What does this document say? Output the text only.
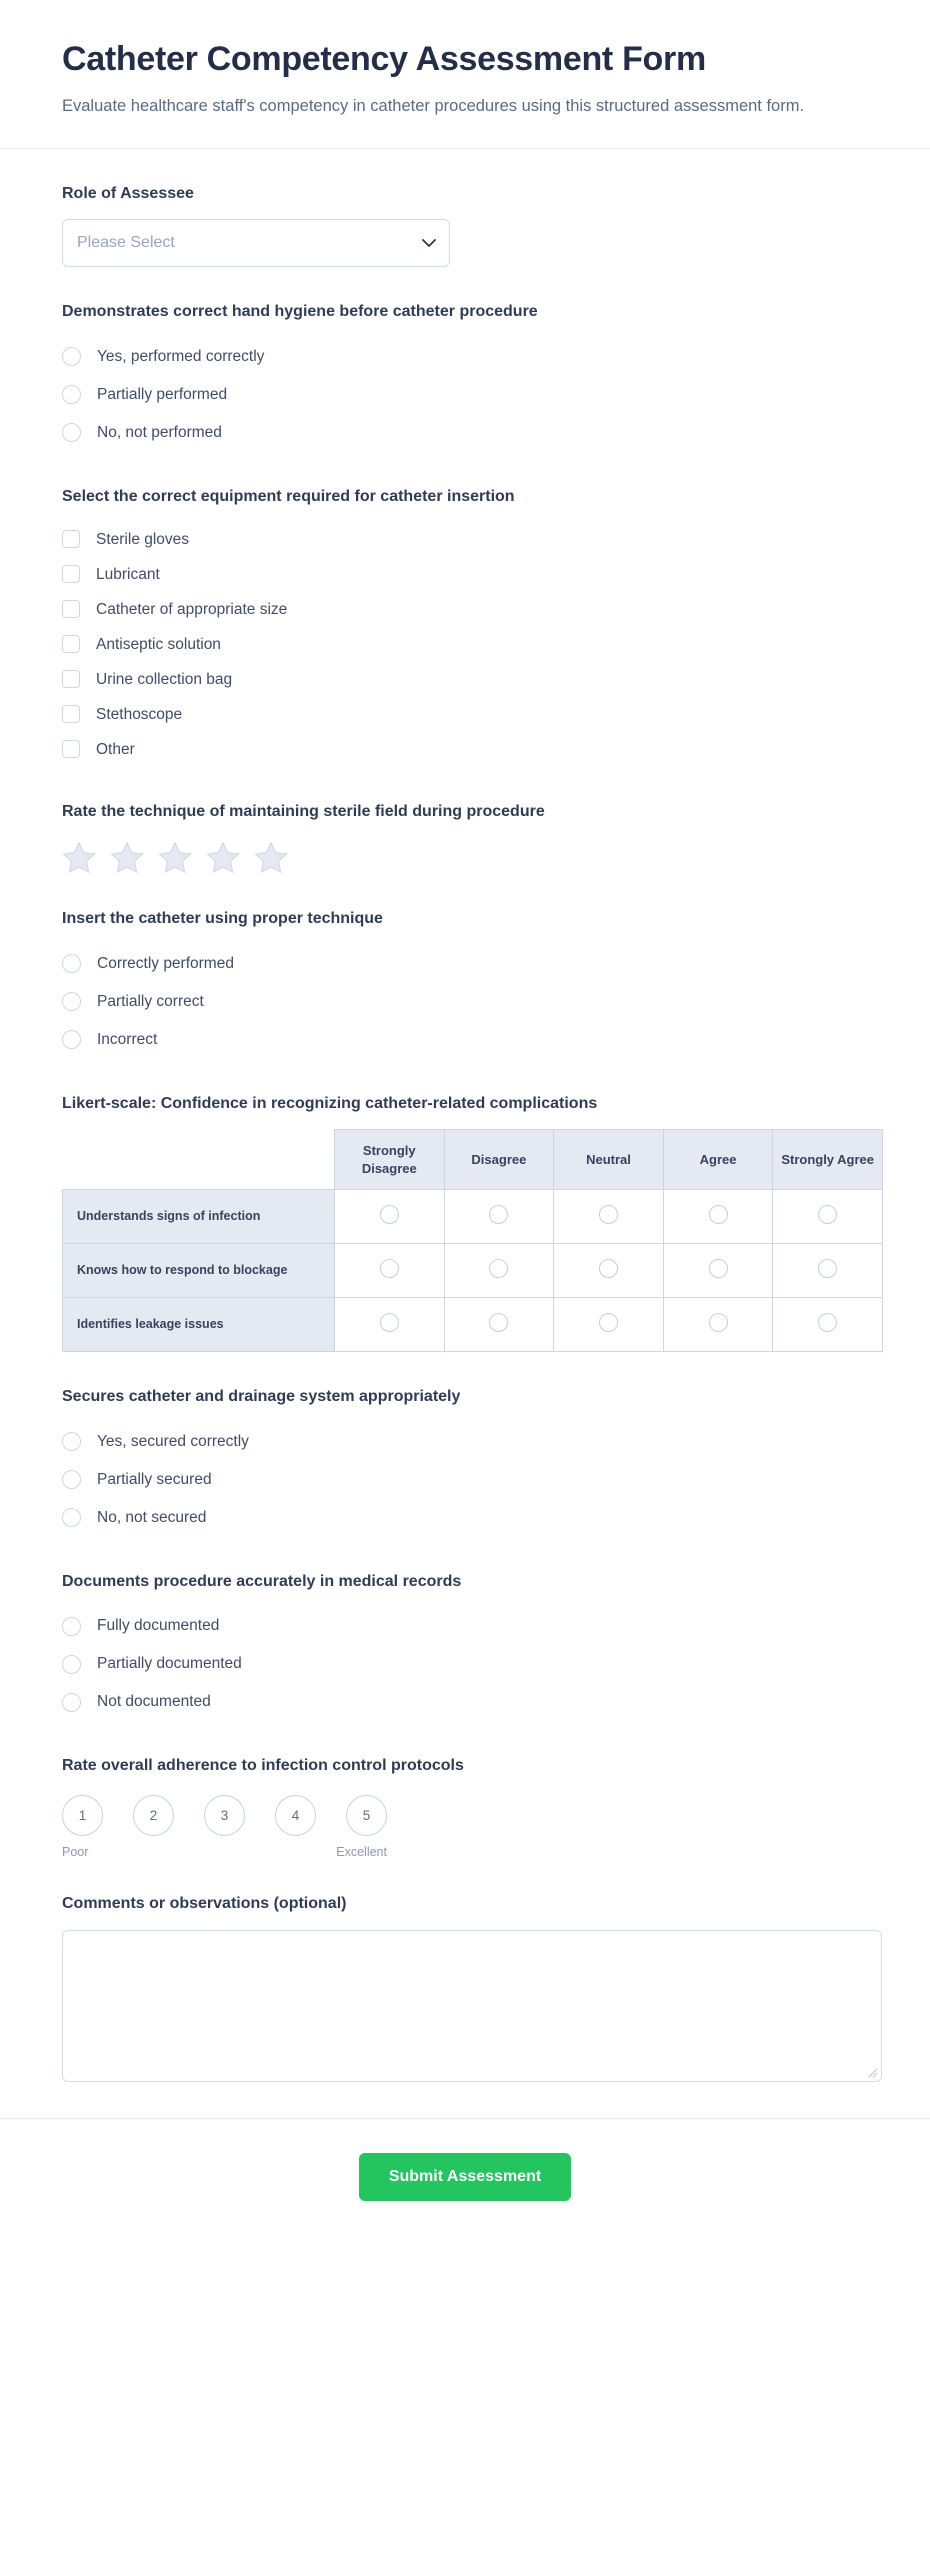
Catheter Competency Assessment Form

Evaluate healthcare staff's competency in catheter procedures using this structured assessment form.

Role of Assessee
Please Select
Demonstrates correct hand hygiene before catheter procedure
Yes, performed correctly
Partially performed
No, not performed
Select the correct equipment required for catheter insertion
Sterile gloves
Lubricant
Catheter of appropriate size
Antiseptic solution
Urine collection bag
Stethoscope
Other
Rate the technique of maintaining sterile field during procedure
Insert the catheter using proper technique
Correctly performed
Partially correct
Incorrect
Likert-scale: Confidence in recognizing catheter-related complications
	Strongly Disagree	Disagree	Neutral	Agree	Strongly Agree
Understands signs of infection					
Knows how to respond to blockage					
Identifies leakage issues					
Secures catheter and drainage system appropriately
Yes, secured correctly
Partially secured
No, not secured
Documents procedure accurately in medical records
Fully documented
Partially documented
Not documented
Rate overall adherence to infection control protocols
1	2	3	4	5
Poor	Excellent
Comments or observations (optional)
Submit Assessment
